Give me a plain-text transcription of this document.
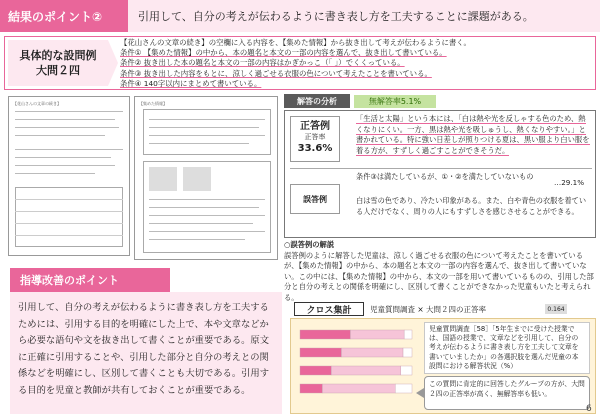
結果のポイント②	引用して、自分の考えが伝わるように書き表し方を工夫することに課題がある。
具体的な設問例
大問２四
【花山さんの文章の続き】の空欄に入る内容を、【集めた情報】から抜き出して考えが伝わるように書く。
条件① 【集めた情報】の中から、本の題名と本文の一部の内容を選んで、抜き出して書いている。
条件② 抜き出した本の題名と本文の一部の内容はかぎかっこ（「 」）でくくっている。
条件③ 抜き出した内容をもとに、涼しく過ごせる衣服の色について考えたことを書いている。
条件④ 140字以内にまとめて書いている。
【花山さんの文章の続き】	【集めた情報】	解答の分析	無解答率5.1%
正答例
正答率
33.6%
「生活と太陽」という本には、「白は熱や光を反しゃする色のため、熱くなりにくい。一方、黒は熱や光を吸しゅうし、熱くなりやすい。」と書かれている。特に強い日差しが照りつける夏は、黒い服より白い服を着る方が、すずしく過ごすことができそうだ。
誤答例
条件③は満たしているが、①・②を満たしていないもの
…29.1%
白は雪の色であり、冷たい印象がある。また、白や青色の衣服を着ている人だけでなく、周りの人にもすずしさを感じさせることができる。
○誤答例の解説
誤答例のように解答した児童は、涼しく過ごせる衣服の色について考えたことを書いているが、【集めた情報】の中から、本の題名と本文の一部の内容を選んで、抜き出して書いていない。この中には、【集めた情報】の中から、本文の一部を用いて書いているものの、引用した部分と自分の考えとの関係を明確にし、区別して書くことができなかった児童もいたと考えられる。
クロス集計	児童質問調査 × 大問２四の正答率	0.164
児童質問調査［58］「5年生までに受けた授業では、国語の授業で、文章などを引用して、自分の考えが伝わるように書き表し方を工夫して文章を書いていましたか」の各選択肢を選んだ児童の本設問における解答状況（%）
この質問に肯定的に回答したグループの方が、大問２四の正答率が高く、無解答率も低い。
指導改善のポイント
引用して、自分の考えが伝わるように書き表し方を工夫するためには、引用する目的を明確にした上で、本や文章などから必要な語句や文を抜き出して書くことが重要である。原文に正確に引用することや、引用した部分と自分の考えとの関係などを明確にし、区別して書くことも大切である。引用する目的を児童と教師が共有しておくことが重要である。
6
